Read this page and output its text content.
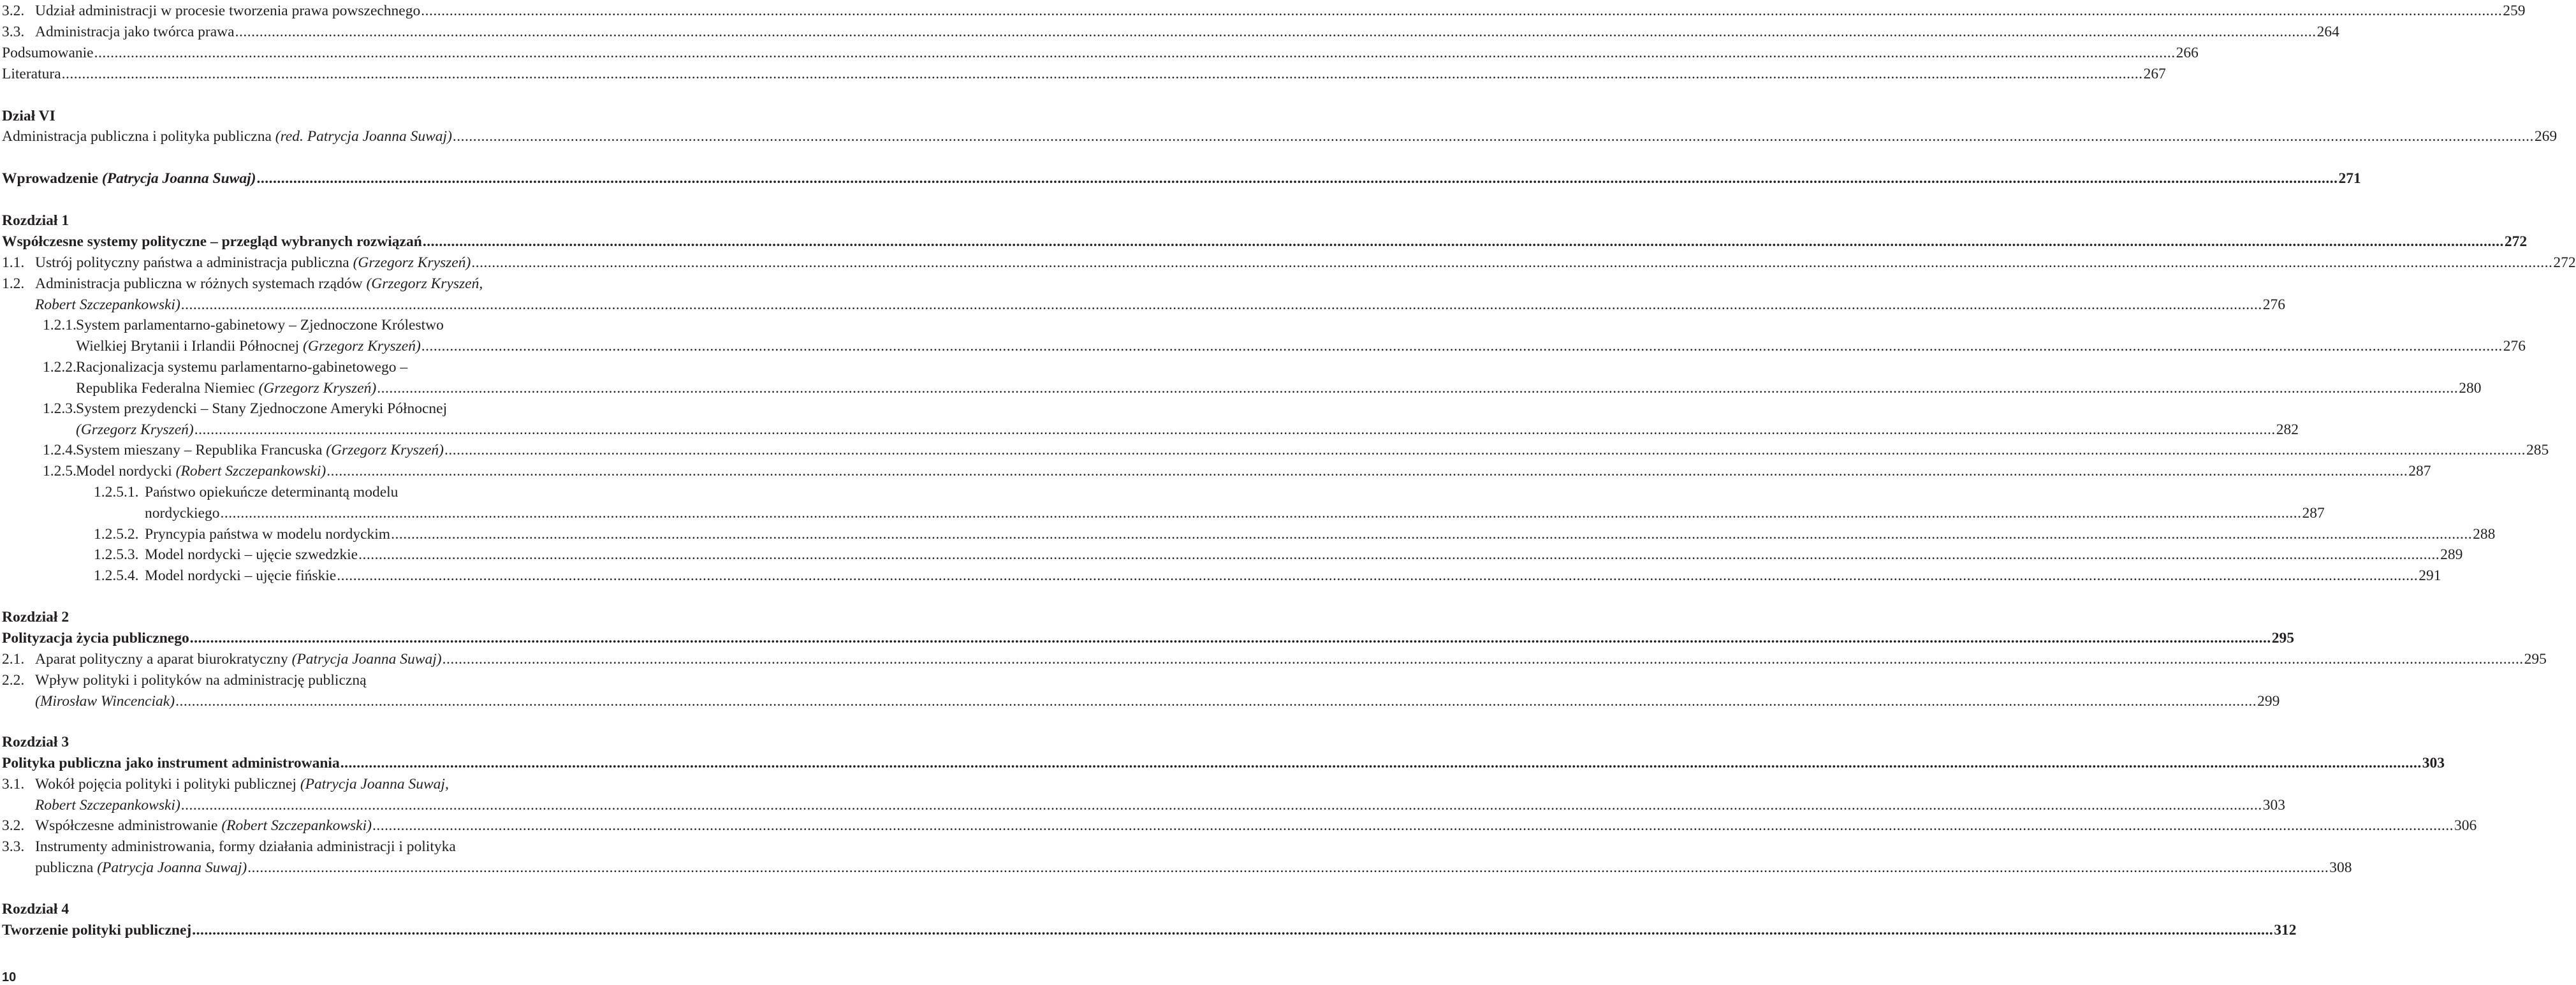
3.2. Udział administracji w procesie tworzenia prawa powszechnego .....	259
3.3. Administracja jako twórca prawa .....	264
Podsumowanie .....	266
Literatura .....	267
Dział VI
Administracja publiczna i polityka publiczna (red. Patrycja Joanna Suwaj) .....	269
Wprowadzenie (Patrycja Joanna Suwaj) .....	271
Rozdział 1
Współczesne systemy polityczne – przegląd wybranych rozwiązań .....	272
1.1. Ustrój polityczny państwa a administracja publiczna (Grzegorz Kryszeń) .....	272
1.2. Administracja publiczna w różnych systemach rządów (Grzegorz Kryszeń,
Robert Szczepankowski) .....	276
1.2.1. System parlamentarno-gabinetowy – Zjednoczone Królestwo
Wielkiej Brytanii i Irlandii Północnej (Grzegorz Kryszeń) .....	276
1.2.2. Racjonalizacja systemu parlamentarno-gabinetowego –
Republika Federalna Niemiec (Grzegorz Kryszeń) .....	280
1.2.3. System prezydencki – Stany Zjednoczone Ameryki Północnej
(Grzegorz Kryszeń) .....	282
1.2.4. System mieszany – Republika Francuska (Grzegorz Kryszeń) .....	285
1.2.5. Model nordycki (Robert Szczepankowski) .....	287
1.2.5.1. Państwo opiekuńcze determinantą modelu
nordyckiego .....	287
1.2.5.2. Pryncypia państwa w modelu nordyckim .....	288
1.2.5.3. Model nordycki – ujęcie szwedzkie .....	289
1.2.5.4. Model nordycki – ujęcie fińskie .....	291
Rozdział 2
Polityzacja życia publicznego .....	295
2.1. Aparat polityczny a aparat biurokratyczny (Patrycja Joanna Suwaj) .....	295
2.2. Wpływ polityki i polityków na administrację publiczną
(Mirosław Wincenciak) .....	299
Rozdział 3
Polityka publiczna jako instrument administrowania .....	303
3.1. Wokół pojęcia polityki i polityki publicznej (Patrycja Joanna Suwaj,
Robert Szczepankowski) .....	303
3.2. Współczesne administrowanie (Robert Szczepankowski) .....	306
3.3. Instrumenty administrowania, formy działania administracji i polityka
publiczna (Patrycja Joanna Suwaj) .....	308
Rozdział 4
Tworzenie polityki publicznej .....	312
10
